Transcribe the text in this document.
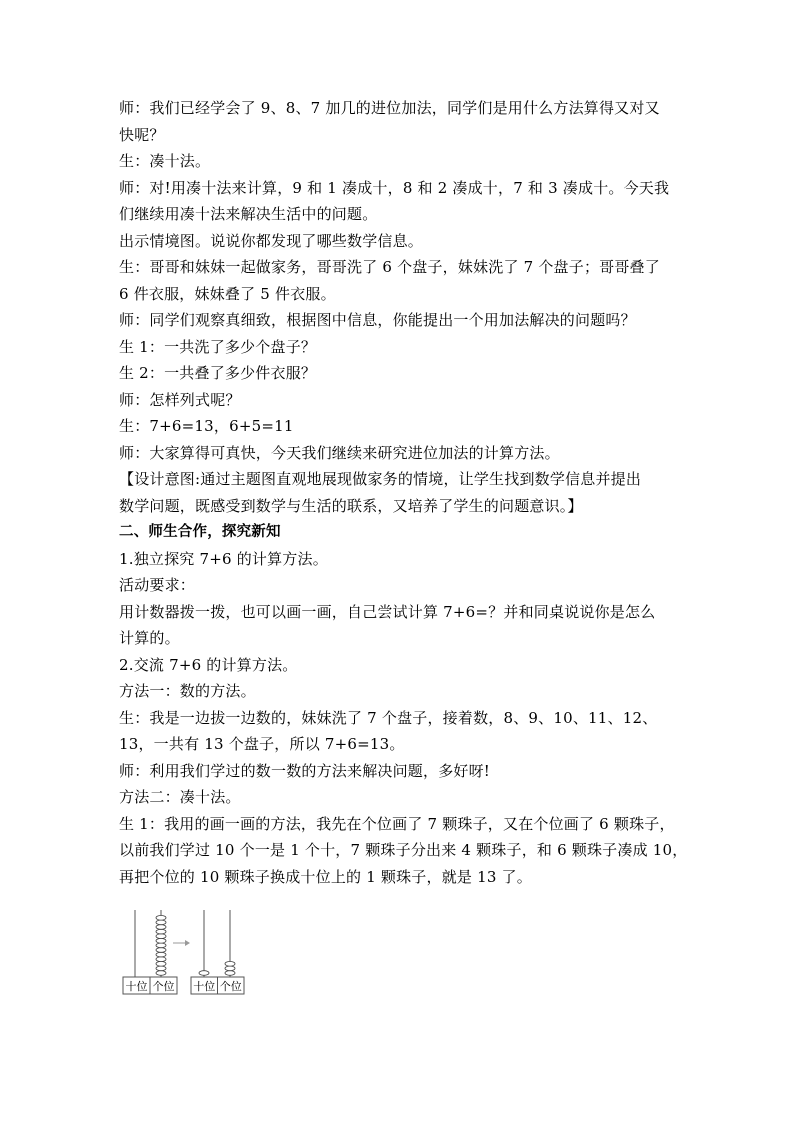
师：我们已经学会了 9、8、7 加几的进位加法，同学们是用什么方法算得又对又
快呢？
生：凑十法。
师：对!用凑十法来计算，9 和 1 凑成十，8 和 2 凑成十，7 和 3 凑成十。今天我
们继续用凑十法来解决生活中的问题。
出示情境图。说说你都发现了哪些数学信息。
生：哥哥和妹妹一起做家务，哥哥洗了 6 个盘子，妹妹洗了 7 个盘子；哥哥叠了
6 件衣服，妹妹叠了 5 件衣服。
师：同学们观察真细致，根据图中信息，你能提出一个用加法解决的问题吗？
生 1：一共洗了多少个盘子？
生 2：一共叠了多少件衣服？
师：怎样列式呢？
生：7+6=13，6+5=11
师：大家算得可真快，今天我们继续来研究进位加法的计算方法。
【设计意图:通过主题图直观地展现做家务的情境，让学生找到数学信息并提出
数学问题，既感受到数学与生活的联系，又培养了学生的问题意识。】
二、师生合作，探究新知
1.独立探究 7+6 的计算方法。
活动要求：
用计数器拨一拨，也可以画一画，自己尝试计算 7+6=？并和同桌说说你是怎么
计算的。
2.交流 7+6 的计算方法。
方法一：数的方法。
生：我是一边拔一边数的，妹妹洗了 7 个盘子，接着数，8、9、10、11、12、
13，一共有 13 个盘子，所以 7+6=13。
师：利用我们学过的数一数的方法来解决问题，多好呀!
方法二：凑十法。
生 1：我用的画一画的方法，我先在个位画了 7 颗珠子，又在个位画了 6 颗珠子，
以前我们学过 10 个一是 1 个十，7 颗珠子分出来 4 颗珠子，和 6 颗珠子凑成 10，
再把个位的 10 颗珠子换成十位上的 1 颗珠子，就是 13 了。
十位 个位 十位 个位
